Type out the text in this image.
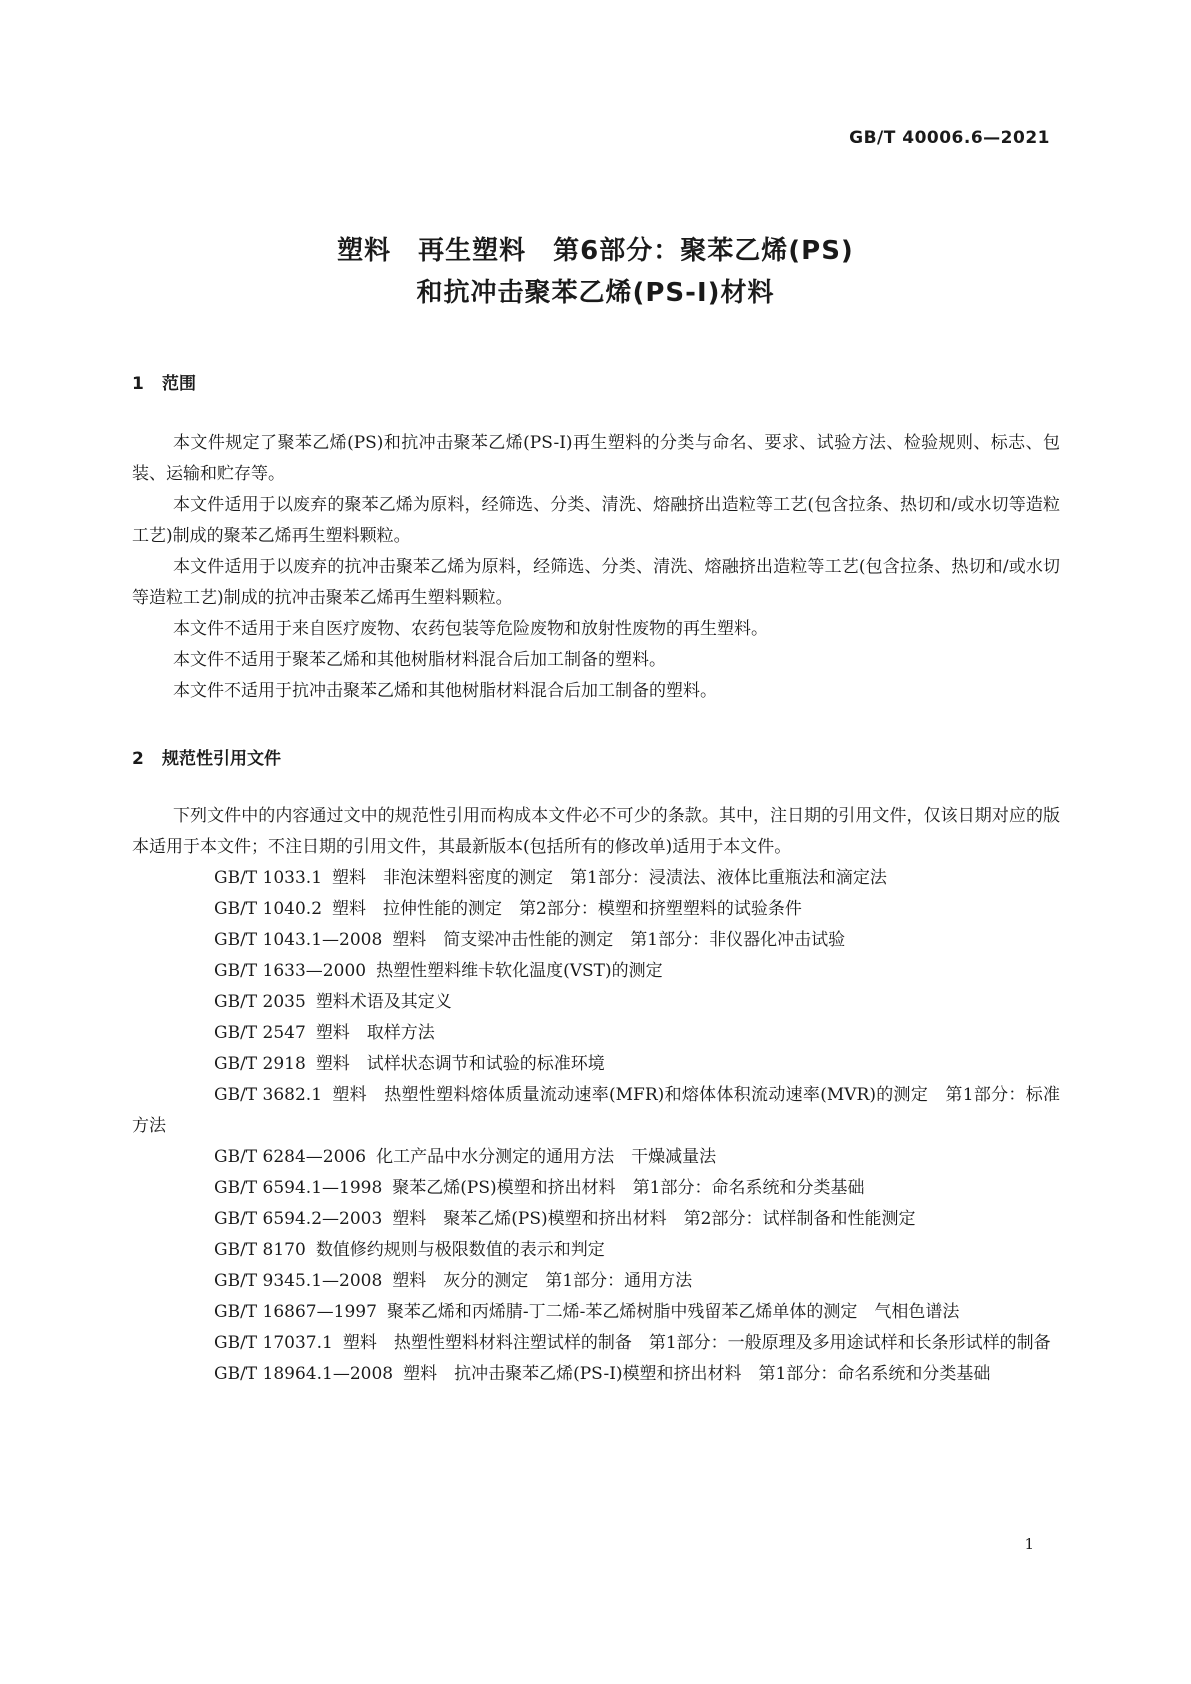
GB/T 40006.6—2021
塑料　再生塑料　第6部分：聚苯乙烯(PS)
和抗冲击聚苯乙烯(PS-I)材料
1 范围

本文件规定了聚苯乙烯(PS)和抗冲击聚苯乙烯(PS-I)再生塑料的分类与命名、要求、试验方法、检验规则、标志、包装、运输和贮存等。

本文件适用于以废弃的聚苯乙烯为原料，经筛选、分类、清洗、熔融挤出造粒等工艺(包含拉条、热切和/或水切等造粒工艺)制成的聚苯乙烯再生塑料颗粒。

本文件适用于以废弃的抗冲击聚苯乙烯为原料，经筛选、分类、清洗、熔融挤出造粒等工艺(包含拉条、热切和/或水切等造粒工艺)制成的抗冲击聚苯乙烯再生塑料颗粒。

本文件不适用于来自医疗废物、农药包装等危险废物和放射性废物的再生塑料。

本文件不适用于聚苯乙烯和其他树脂材料混合后加工制备的塑料。

本文件不适用于抗冲击聚苯乙烯和其他树脂材料混合后加工制备的塑料。

2 规范性引用文件

下列文件中的内容通过文中的规范性引用而构成本文件必不可少的条款。其中，注日期的引用文件，仅该日期对应的版本适用于本文件；不注日期的引用文件，其最新版本(包括所有的修改单)适用于本文件。

GB/T 1033.1 塑料　非泡沫塑料密度的测定　第1部分：浸渍法、液体比重瓶法和滴定法

GB/T 1040.2 塑料　拉伸性能的测定　第2部分：模塑和挤塑塑料的试验条件

GB/T 1043.1—2008 塑料　简支梁冲击性能的测定　第1部分：非仪器化冲击试验

GB/T 1633—2000 热塑性塑料维卡软化温度(VST)的测定

GB/T 2035 塑料术语及其定义

GB/T 2547 塑料　取样方法

GB/T 2918 塑料　试样状态调节和试验的标准环境

GB/T 3682.1 塑料　热塑性塑料熔体质量流动速率(MFR)和熔体体积流动速率(MVR)的测定　第1部分：标准方法

GB/T 6284—2006 化工产品中水分测定的通用方法　干燥减量法

GB/T 6594.1—1998 聚苯乙烯(PS)模塑和挤出材料　第1部分：命名系统和分类基础

GB/T 6594.2—2003 塑料　聚苯乙烯(PS)模塑和挤出材料　第2部分：试样制备和性能测定

GB/T 8170 数值修约规则与极限数值的表示和判定

GB/T 9345.1—2008 塑料　灰分的测定　第1部分：通用方法

GB/T 16867—1997 聚苯乙烯和丙烯腈-丁二烯-苯乙烯树脂中残留苯乙烯单体的测定　气相色谱法

GB/T 17037.1 塑料　热塑性塑料材料注塑试样的制备　第1部分：一般原理及多用途试样和长条形试样的制备

GB/T 18964.1—2008 塑料　抗冲击聚苯乙烯(PS-I)模塑和挤出材料　第1部分：命名系统和分类基础

1
